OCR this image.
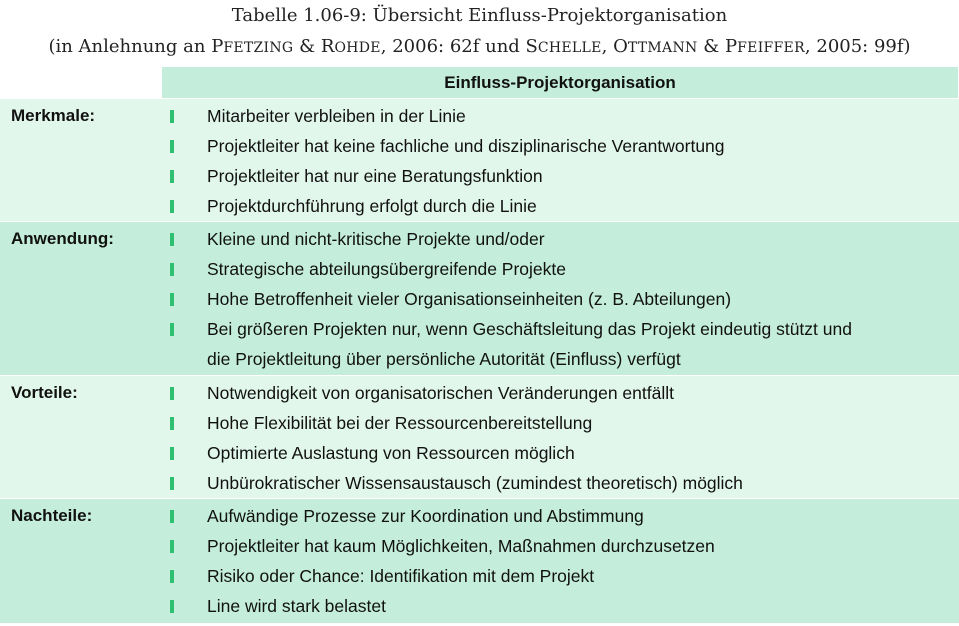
Tabelle 1.06-9: Übersicht Einfluss-Projektorganisation
(in Anlehnung an PFETZING & ROHDE, 2006: 62f und SCHELLE, OTTMANN & PFEIFFER, 2005: 99f)
Einfluss-Projektorganisation
Merkmale:	Mitarbeiter verbleiben in der Linie
Projektleiter hat keine fachliche und disziplinarische Verantwortung
Projektleiter hat nur eine Beratungsfunktion
Projektdurchführung erfolgt durch die Linie
Anwendung:	Kleine und nicht-kritische Projekte und/oder
Strategische abteilungsübergreifende Projekte
Hohe Betroffenheit vieler Organisationseinheiten (z. B. Abteilungen)
Bei größeren Projekten nur, wenn Geschäftsleitung das Projekt eindeutig stützt und
die Projektleitung über persönliche Autorität (Einfluss) verfügt
Vorteile:	Notwendigkeit von organisatorischen Veränderungen entfällt
Hohe Flexibilität bei der Ressourcenbereitstellung
Optimierte Auslastung von Ressourcen möglich
Unbürokratischer Wissensaustausch (zumindest theoretisch) möglich
Nachteile:	Aufwändige Prozesse zur Koordination und Abstimmung
Projektleiter hat kaum Möglichkeiten, Maßnahmen durchzusetzen
Risiko oder Chance: Identifikation mit dem Projekt
Line wird stark belastet
